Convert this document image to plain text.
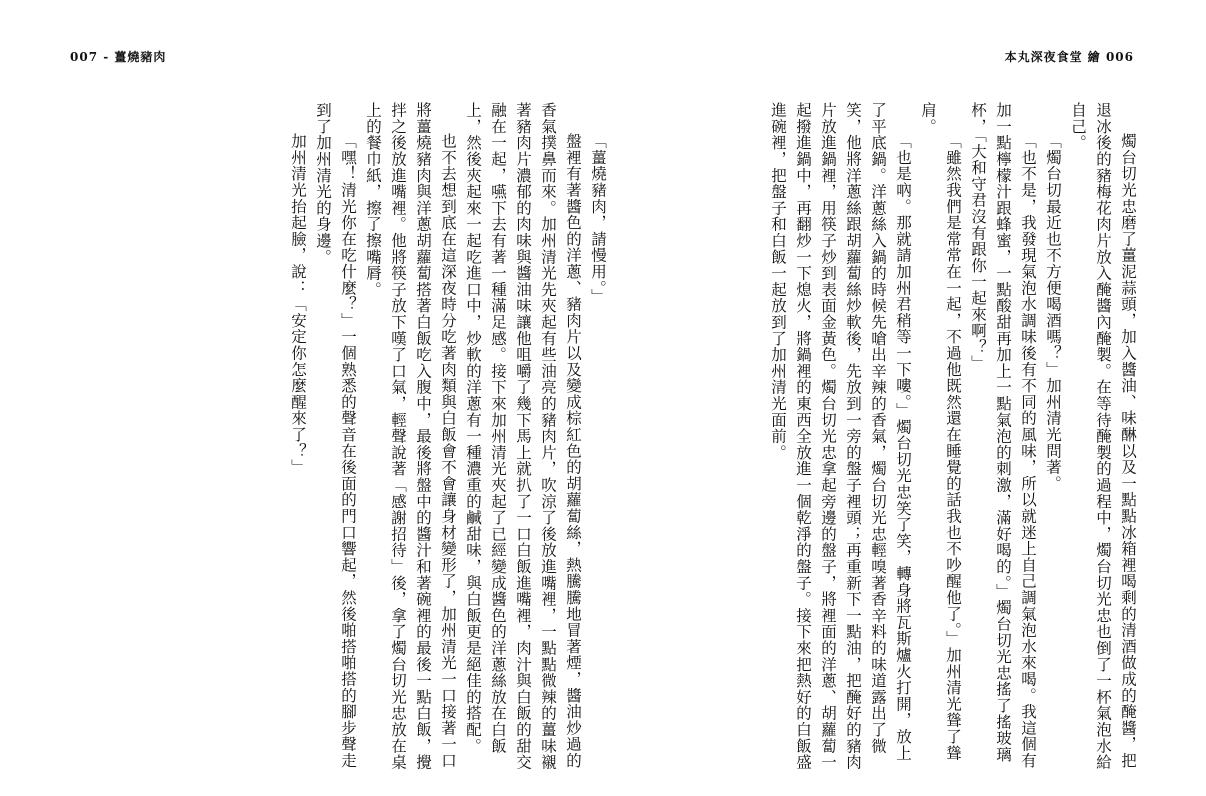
007 - 薑燒豬肉	本丸深夜食堂 繪 006

燭台切光忠磨了薑泥蒜頭，加入醬油、味醂以及一點點冰箱裡喝剩的清酒做成的醃醬，把退冰後的豬梅花肉片放入醃醬內醃製。在等待醃製的過程中，燭台切光忠也倒了一杯氣泡水給自己。

「燭台切最近也不方便喝酒嗎？」加州清光問著。

「也不是，我發現氣泡水調味後有不同的風味，所以就迷上自己調氣泡水來喝。我這個有加一點檸檬汁跟蜂蜜，一點酸甜再加上一點氣泡的刺激，滿好喝的。」燭台切光忠搖了搖玻璃杯，「大和守君沒有跟你一起來啊？」

「雖然我們是常常在一起，不過他既然還在睡覺的話我也不吵醒他了。」加州清光聳了聳肩。

「也是吶。那就請加州君稍等一下嘍。」燭台切光忠笑了笑，轉身將瓦斯爐火打開，放上了平底鍋。洋蔥絲入鍋的時候先嗆出辛辣的香氣，燭台切光忠輕嗅著香辛料的味道露出了微笑，他將洋蔥絲跟胡蘿蔔絲炒軟後，先放到一旁的盤子裡頭；再重新下一點油，把醃好的豬肉片放進鍋裡，用筷子炒到表面金黃色。燭台切光忠拿起旁邊的盤子，將裡面的洋蔥、胡蘿蔔一起撥進鍋中，再翻炒一下熄火，將鍋裡的東西全放進一個乾淨的盤子。接下來把熱好的白飯盛進碗裡，把盤子和白飯一起放到了加州清光面前。

「薑燒豬肉，請慢用。」

盤裡有著醬色的洋蔥、豬肉片以及變成棕紅色的胡蘿蔔絲，熱騰騰地冒著煙，醬油炒過的香氣撲鼻而來。加州清光先夾起有些油亮的豬肉片，吹涼了後放進嘴裡，一點點微辣的薑味襯著豬肉片濃郁的肉味與醬油味讓他咀嚼了幾下馬上就扒了一口白飯進嘴裡，肉汁與白飯的甜交融在一起，嚥下去有著一種滿足感。接下來加州清光夾起了已經變成醬色的洋蔥絲放在白飯上，然後夾起來一起吃進口中，炒軟的洋蔥有一種濃重的鹹甜味，與白飯更是絕佳的搭配。

也不去想到底在這深夜時分吃著肉類與白飯會不會讓身材變形了，加州清光一口接著一口將薑燒豬肉與洋蔥胡蘿蔔搭著白飯吃入腹中，最後將盤中的醬汁和著碗裡的最後一點白飯，攪拌之後放進嘴裡。他將筷子放下嘆了口氣，輕聲說著「感謝招待」後，拿了燭台切光忠放在桌上的餐巾紙，擦了擦嘴脣。

「嘿！清光你在吃什麼？」一個熟悉的聲音在後面的門口響起，然後啪搭啪搭的腳步聲走到了加州清光的身邊。

加州清光抬起臉，說：「安定你怎麼醒來了？」
